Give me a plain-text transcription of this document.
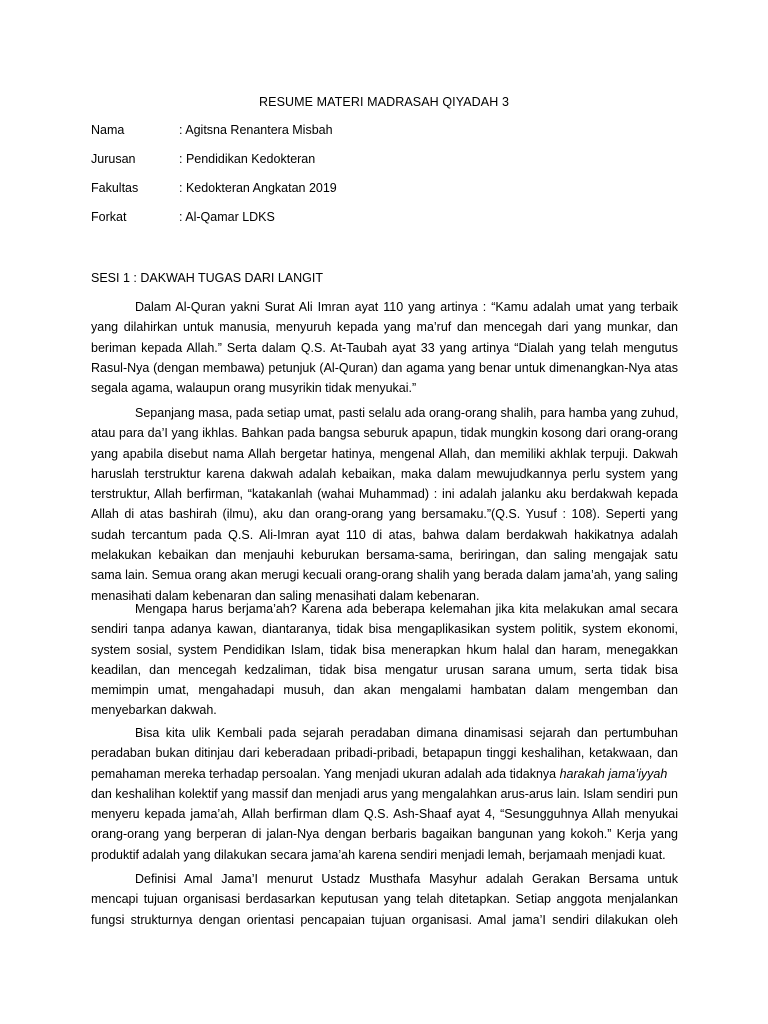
RESUME MATERI MADRASAH QIYADAH 3
Nama	: Agitsna Renantera Misbah
Jurusan	: Pendidikan Kedokteran
Fakultas	: Kedokteran Angkatan 2019
Forkat	: Al-Qamar LDKS
SESI 1 : DAKWAH TUGAS DARI LANGIT
Dalam Al-Quran yakni Surat Ali Imran ayat 110 yang artinya : “Kamu adalah umat yang terbaik
yang dilahirkan untuk manusia, menyuruh kepada yang ma’ruf dan mencegah dari yang munkar, dan
beriman kepada Allah.” Serta dalam Q.S. At-Taubah ayat 33 yang artinya “Dialah yang telah mengutus
Rasul-Nya (dengan membawa) petunjuk (Al-Quran) dan agama yang benar untuk dimenangkan-Nya atas
segala agama, walaupun orang musyrikin tidak menyukai.”
Sepanjang masa, pada setiap umat, pasti selalu ada orang-orang shalih, para hamba yang zuhud,
atau para da’I yang ikhlas. Bahkan pada bangsa seburuk apapun, tidak mungkin kosong dari orang-orang
yang apabila disebut nama Allah bergetar hatinya, mengenal Allah, dan memiliki akhlak terpuji. Dakwah
haruslah terstruktur karena dakwah adalah kebaikan, maka dalam mewujudkannya perlu system yang
terstruktur, Allah berfirman, “katakanlah (wahai Muhammad) : ini adalah jalanku aku berdakwah kepada
Allah di atas bashirah (ilmu), aku dan orang-orang yang bersamaku.”(Q.S. Yusuf : 108). Seperti yang
sudah tercantum pada Q.S. Ali-Imran ayat 110 di atas, bahwa dalam berdakwah hakikatnya adalah
melakukan kebaikan dan menjauhi keburukan bersama-sama, beriringan, dan saling mengajak satu
sama lain. Semua orang akan merugi kecuali orang-orang shalih yang berada dalam jama’ah, yang saling
menasihati dalam kebenaran dan saling menasihati dalam kebenaran.
Mengapa harus berjama’ah? Karena ada beberapa kelemahan jika kita melakukan amal secara
sendiri tanpa adanya kawan, diantaranya, tidak bisa mengaplikasikan system politik, system ekonomi,
system sosial, system Pendidikan Islam, tidak bisa menerapkan hkum halal dan haram, menegakkan
keadilan, dan mencegah kedzaliman, tidak bisa mengatur urusan sarana umum, serta tidak bisa
memimpin umat, mengahadapi musuh, dan akan mengalami hambatan dalam mengemban dan
menyebarkan dakwah.
Bisa kita ulik Kembali pada sejarah peradaban dimana dinamisasi sejarah dan pertumbuhan
peradaban bukan ditinjau dari keberadaan pribadi-pribadi, betapapun tinggi keshalihan, ketakwaan, dan
pemahaman mereka terhadap persoalan. Yang menjadi ukuran adalah ada tidaknya harakah jama’iyyah
dan keshalihan kolektif yang massif dan menjadi arus yang mengalahkan arus-arus lain. Islam sendiri pun
menyeru kepada jama’ah, Allah berfirman dlam Q.S. Ash-Shaaf ayat 4, “Sesungguhnya Allah menyukai
orang-orang yang berperan di jalan-Nya dengan berbaris bagaikan bangunan yang kokoh.” Kerja yang
produktif adalah yang dilakukan secara jama’ah karena sendiri menjadi lemah, berjamaah menjadi kuat.
Definisi Amal Jama’I menurut Ustadz Musthafa Masyhur adalah Gerakan Bersama untuk
mencapi tujuan organisasi berdasarkan keputusan yang telah ditetapkan. Setiap anggota menjalankan
fungsi strukturnya dengan orientasi pencapaian tujuan organisasi. Amal jama’I sendiri dilakukan oleh
